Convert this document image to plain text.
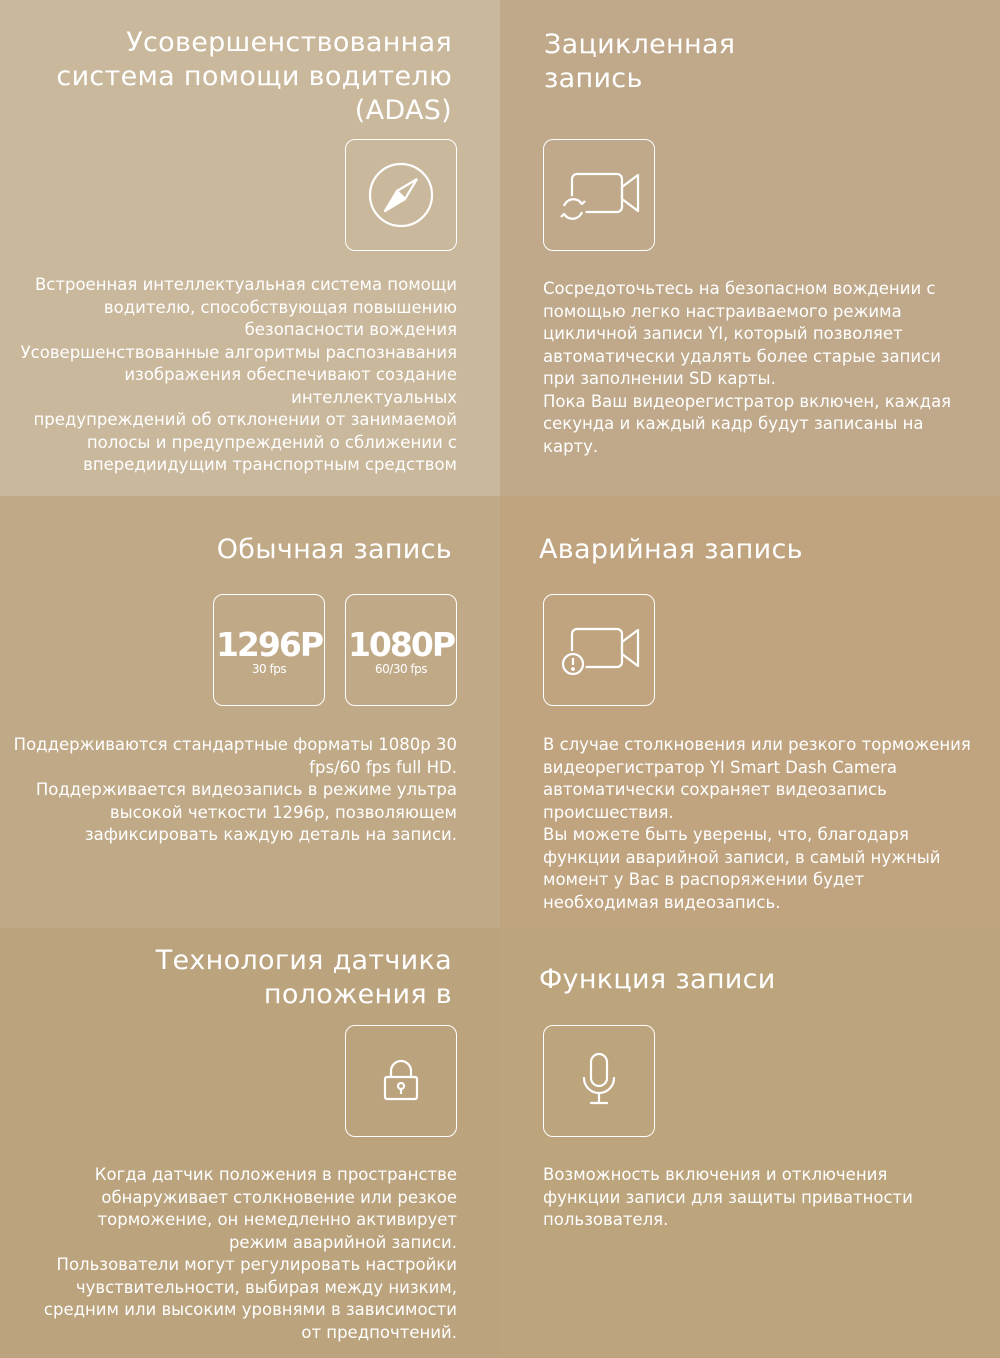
Усовершенствованная
система помощи водителю
(ADAS)

Встроенная интеллектуальная система помощи

водителю, способствующая повышению

безопасности вождения

Усовершенствованные алгоритмы распознавания

изображения обеспечивают создание

интеллектуальных

предупреждений об отклонении от занимаемой

полосы и предупреждений о сближении с

впередиидущим транспортным средством

Зацикленная
запись

Сосредоточьтесь на безопасном вождении с

помощью легко настраиваемого режима

цикличной записи YI, который позволяет

автоматически удалять более старые записи

при заполнении SD карты.

Пока Ваш видеорегистратор включен, каждая

секунда и каждый кадр будут записаны на

карту.

Обычная запись
1296P
30 fps
1080P
60/30 fps

Поддерживаются стандартные форматы 1080p 30

fps/60 fps full HD.

Поддерживается видеозапись в режиме ультра

высокой четкости 1296p, позволяющем

зафиксировать каждую деталь на записи.

Аварийная запись

В случае столкновения или резкого торможения

видеорегистратор YI Smart Dash Camera

автоматически сохраняет видеозапись

происшествия.

Вы можете быть уверены, что, благодаря

функции аварийной записи, в самый нужный

момент у Вас в распоряжении будет

необходимая видеозапись.

Технология датчика
положения в

Когда датчик положения в пространстве

обнаруживает столкновение или резкое

торможение, он немедленно активирует

режим аварийной записи.

Пользователи могут регулировать настройки

чувствительности, выбирая между низким,

средним или высоким уровнями в зависимости

от предпочтений.

Функция записи

Возможность включения и отключения

функции записи для защиты приватности

пользователя.
